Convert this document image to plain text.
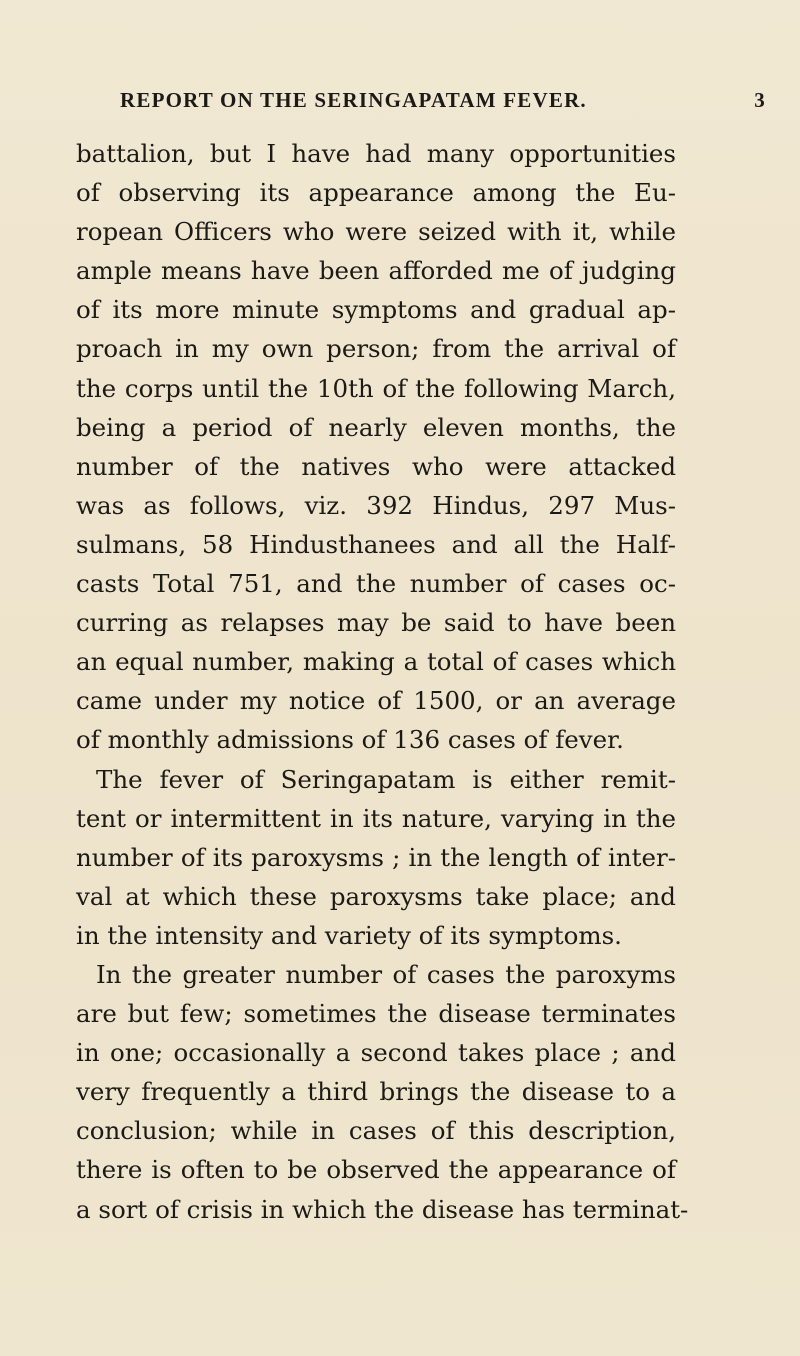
REPORT ON THE SERINGAPATAM FEVER.	3
battalion, but I have had many opportunities
of observing its appearance among the Eu-
ropean Officers who were seized with it, while
ample means have been afforded me of judging
of its more minute symptoms and gradual ap-
proach in my own person; from the arrival of
the corps until the 10th of the following March,
being a period of nearly eleven months, the
number of the natives who were attacked
was as follows, viz. 392 Hindus, 297 Mus-
sulmans, 58 Hindusthanees and all the Half-
casts Total 751, and the number of cases oc-
curring as relapses may be said to have been
an equal number, making a total of cases which
came under my notice of 1500, or an average
of monthly admissions of 136 cases of fever.
The fever of Seringapatam is either remit-
tent or intermittent in its nature, varying in the
number of its paroxysms ; in the length of inter-
val at which these paroxysms take place; and
in the intensity and variety of its symptoms.
In the greater number of cases the paroxyms
are but few; sometimes the disease terminates
in one; occasionally a second takes place ; and
very frequently a third brings the disease to a
conclusion; while in cases of this description,
there is often to be observed the appearance of
a sort of crisis in which the disease has terminat-
